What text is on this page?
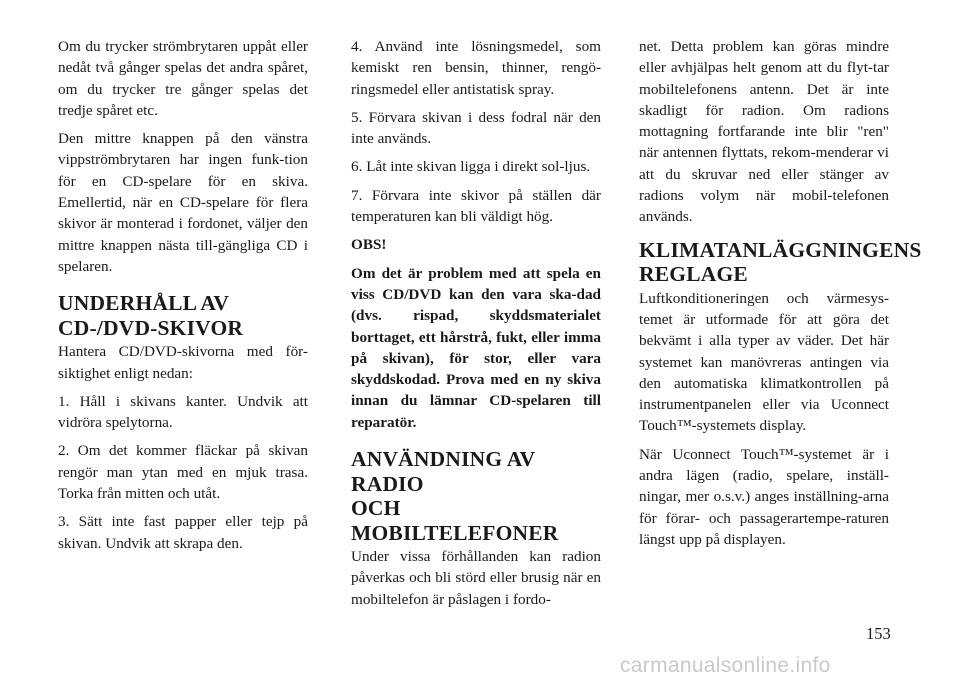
Om du trycker strömbrytaren uppåt eller nedåt två gånger spelas det andra spåret, om du trycker tre gånger spelas det tredje spåret etc.

Den mittre knappen på den vänstra vippströmbrytaren har ingen funk-tion för en CD-spelare för en skiva. Emellertid, när en CD-spelare för flera skivor är monterad i fordonet, väljer den mittre knappen nästa till-gängliga CD i spelaren.

UNDERHÅLL AV
CD-/DVD-SKIVOR

Hantera CD/DVD-skivorna med för-siktighet enligt nedan:

1. Håll i skivans kanter. Undvik att vidröra spelytorna.

2. Om det kommer fläckar på skivan rengör man ytan med en mjuk trasa. Torka från mitten och utåt.

3. Sätt inte fast papper eller tejp på skivan. Undvik att skrapa den.

4. Använd inte lösningsmedel, som kemiskt ren bensin, thinner, rengö-ringsmedel eller antistatisk spray.

5. Förvara skivan i dess fodral när den inte används.

6. Låt inte skivan ligga i direkt sol-ljus.

7. Förvara inte skivor på ställen där temperaturen kan bli väldigt hög.

OBS!

Om det är problem med att spela en viss CD/DVD kan den vara ska-dad (dvs. rispad, skyddsmaterialet borttaget, ett hårstrå, fukt, eller imma på skivan), för stor, eller vara skyddskodad. Prova med en ny skiva innan du lämnar CD-spelaren till reparatör.

ANVÄNDNING AV RADIO
OCH MOBILTELEFONER

Under vissa förhållanden kan radion påverkas och bli störd eller brusig när en mobiltelefon är påslagen i fordo-

net. Detta problem kan göras mindre eller avhjälpas helt genom att du flyt-tar mobiltelefonens antenn. Det är inte skadligt för radion. Om radions mottagning fortfarande inte blir "ren" när antennen flyttats, rekom-menderar vi att du skruvar ned eller stänger av radions volym när mobil-telefonen används.

KLIMATANLÄGGNINGENS
REGLAGE

Luftkonditioneringen och värmesys-temet är utformade för att göra det bekvämt i alla typer av väder. Det här systemet kan manövreras antingen via den automatiska klimatkontrollen på instrumentpanelen eller via Uconnect Touch™-systemets display.

När Uconnect Touch™-systemet är i andra lägen (radio, spelare, inställ-ningar, mer o.s.v.) anges inställning-arna för förar- och passagerartempe-raturen längst upp på displayen.

153
carmanualsonline.info
